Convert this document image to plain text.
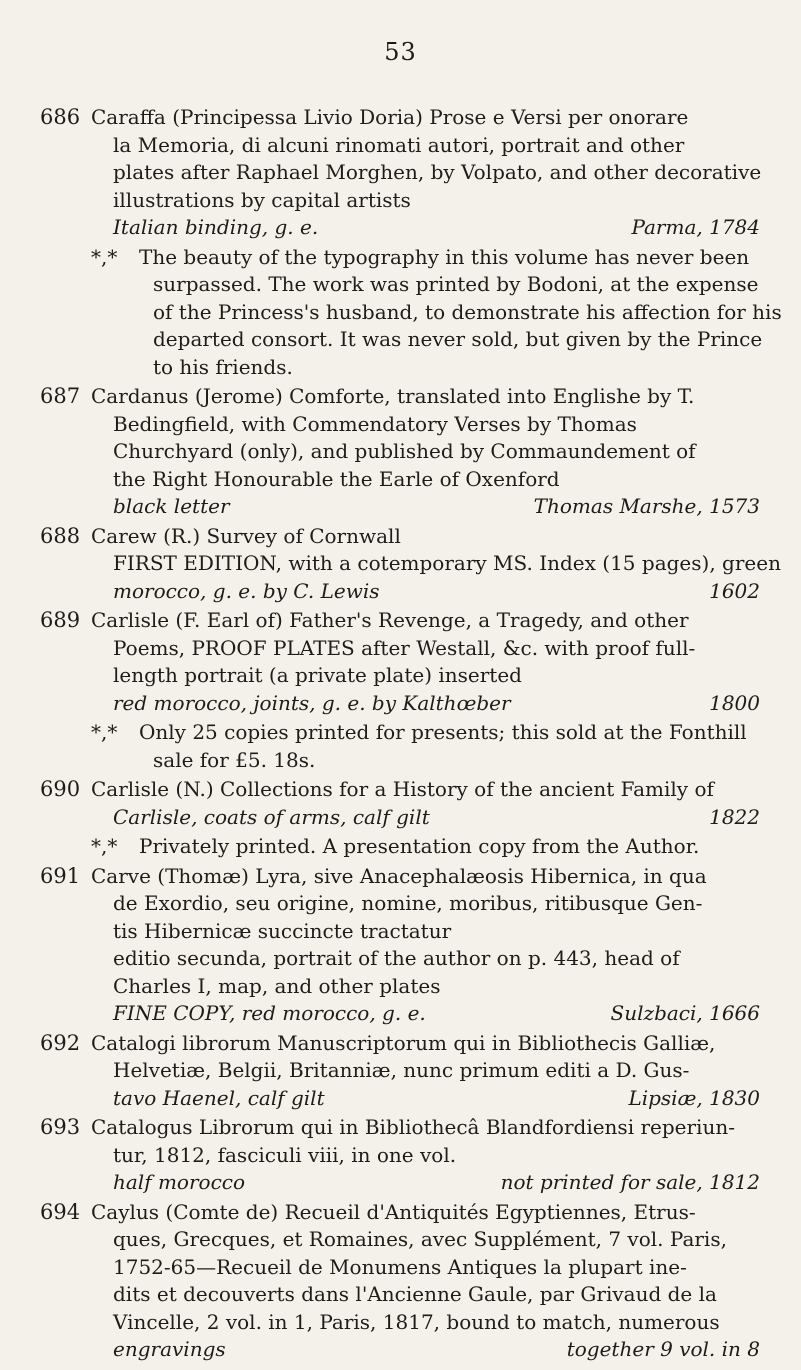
53
686 Caraffa (Principessa Livio Doria) Prose e Versi per onorare
la Memoria, di alcuni rinomati autori, portrait and other
plates after Raphael Morghen, by Volpato, and other decorative
illustrations by capital artists
Italian binding, g. e.	Parma, 1784
*,* The beauty of the typography in this volume has never been
surpassed. The work was printed by Bodoni, at the expense
of the Princess's husband, to demonstrate his affection for his
departed consort. It was never sold, but given by the Prince
to his friends.
687 Cardanus (Jerome) Comforte, translated into Englishe by T.
Bedingfield, with Commendatory Verses by Thomas
Churchyard (only), and published by Commaundement of
the Right Honourable the Earle of Oxenford
black letter	Thomas Marshe, 1573
688 Carew (R.) Survey of Cornwall
FIRST EDITION, with a cotemporary MS. Index (15 pages), green
morocco, g. e. by C. Lewis	1602
689 Carlisle (F. Earl of) Father's Revenge, a Tragedy, and other
Poems, PROOF PLATES after Westall, &c. with proof full-
length portrait (a private plate) inserted
red morocco, joints, g. e. by Kalthœber	1800
*,* Only 25 copies printed for presents; this sold at the Fonthill
sale for £5. 18s.
690 Carlisle (N.) Collections for a History of the ancient Family of
Carlisle, coats of arms, calf gilt	1822
*,* Privately printed. A presentation copy from the Author.
691 Carve (Thomæ) Lyra, sive Anacephalæosis Hibernica, in qua
de Exordio, seu origine, nomine, moribus, ritibusque Gen-
tis Hibernicæ succincte tractatur
editio secunda, portrait of the author on p. 443, head of
Charles I, map, and other plates
FINE COPY, red morocco, g. e.	Sulzbaci, 1666
692 Catalogi librorum Manuscriptorum qui in Bibliothecis Galliæ,
Helvetiæ, Belgii, Britanniæ, nunc primum editi a D. Gus-
tavo Haenel, calf gilt	Lipsiæ, 1830
693 Catalogus Librorum qui in Bibliothecâ Blandfordiensi reperiun-
tur, 1812, fasciculi viii, in one vol.
half morocco	not printed for sale, 1812
694 Caylus (Comte de) Recueil d'Antiquités Egyptiennes, Etrus-
ques, Grecques, et Romaines, avec Supplément, 7 vol. Paris,
1752-65—Recueil de Monumens Antiques la plupart ine-
dits et decouverts dans l'Ancienne Gaule, par Grivaud de la
Vincelle, 2 vol. in 1, Paris, 1817, bound to match, numerous
engravings	together 9 vol. in 8
